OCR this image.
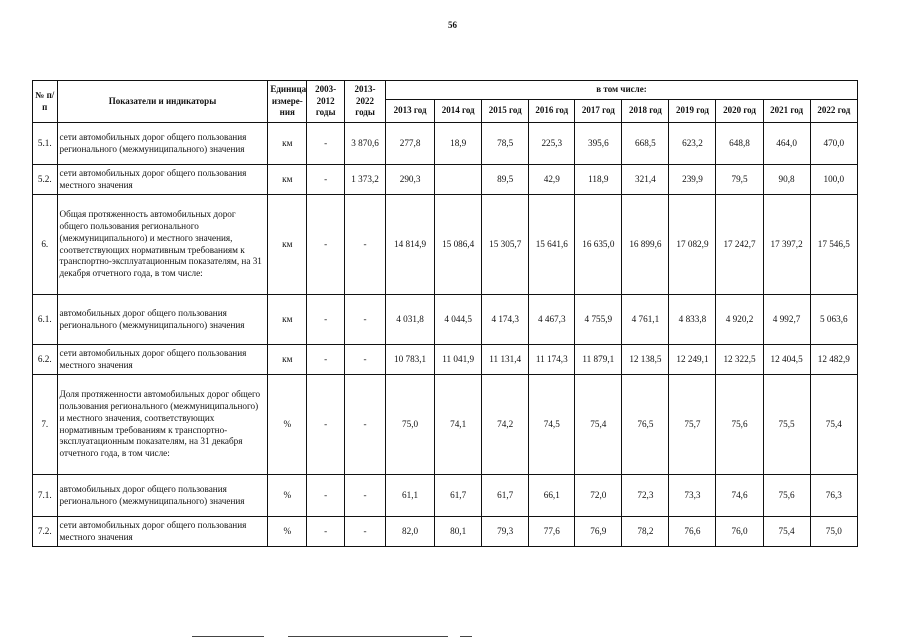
56
№ п/п	Показатели и индикаторы	Единица измере-ния	2003-2012 годы	2013-2022 годы	в том числе:									
					2013 год	2014 год	2015 год	2016 год	2017 год	2018 год	2019 год	2020 год	2021 год	2022 год
5.1.	сети автомобильных дорог общего пользования регионального (межмуниципального) значения	км	-	3 870,6	277,8	18,9	78,5	225,3	395,6	668,5	623,2	648,8	464,0	470,0
5.2.	сети автомобильных дорог общего пользования местного значения	км	-	1 373,2	290,3		89,5	42,9	118,9	321,4	239,9	79,5	90,8	100,0
6.	Общая протяженность автомобильных дорог общего пользования регионального (межмуниципального) и местного значения, соответствующих нормативным требованиям к транспортно-эксплуатационным показателям, на 31 декабря отчетного года, в том числе:	км	-	-	14 814,9	15 086,4	15 305,7	15 641,6	16 635,0	16 899,6	17 082,9	17 242,7	17 397,2	17 546,5
6.1.	автомобильных дорог общего пользования регионального (межмуниципального) значения	км	-	-	4 031,8	4 044,5	4 174,3	4 467,3	4 755,9	4 761,1	4 833,8	4 920,2	4 992,7	5 063,6
6.2.	сети автомобильных дорог общего пользования местного значения	км	-	-	10 783,1	11 041,9	11 131,4	11 174,3	11 879,1	12 138,5	12 249,1	12 322,5	12 404,5	12 482,9
7.	Доля протяженности автомобильных дорог общего пользования регионального (межмуниципального) и местного значения, соответствующих нормативным требованиям к транспортно-эксплуатационным показателям, на 31 декабря отчетного года, в том числе:	%	-	-	75,0	74,1	74,2	74,5	75,4	76,5	75,7	75,6	75,5	75,4
7.1.	автомобильных дорог общего пользования регионального (межмуниципального) значения	%	-	-	61,1	61,7	61,7	66,1	72,0	72,3	73,3	74,6	75,6	76,3
7.2.	сети автомобильных дорог общего пользования местного значения	%	-	-	82,0	80,1	79,3	77,6	76,9	78,2	76,6	76,0	75,4	75,0
